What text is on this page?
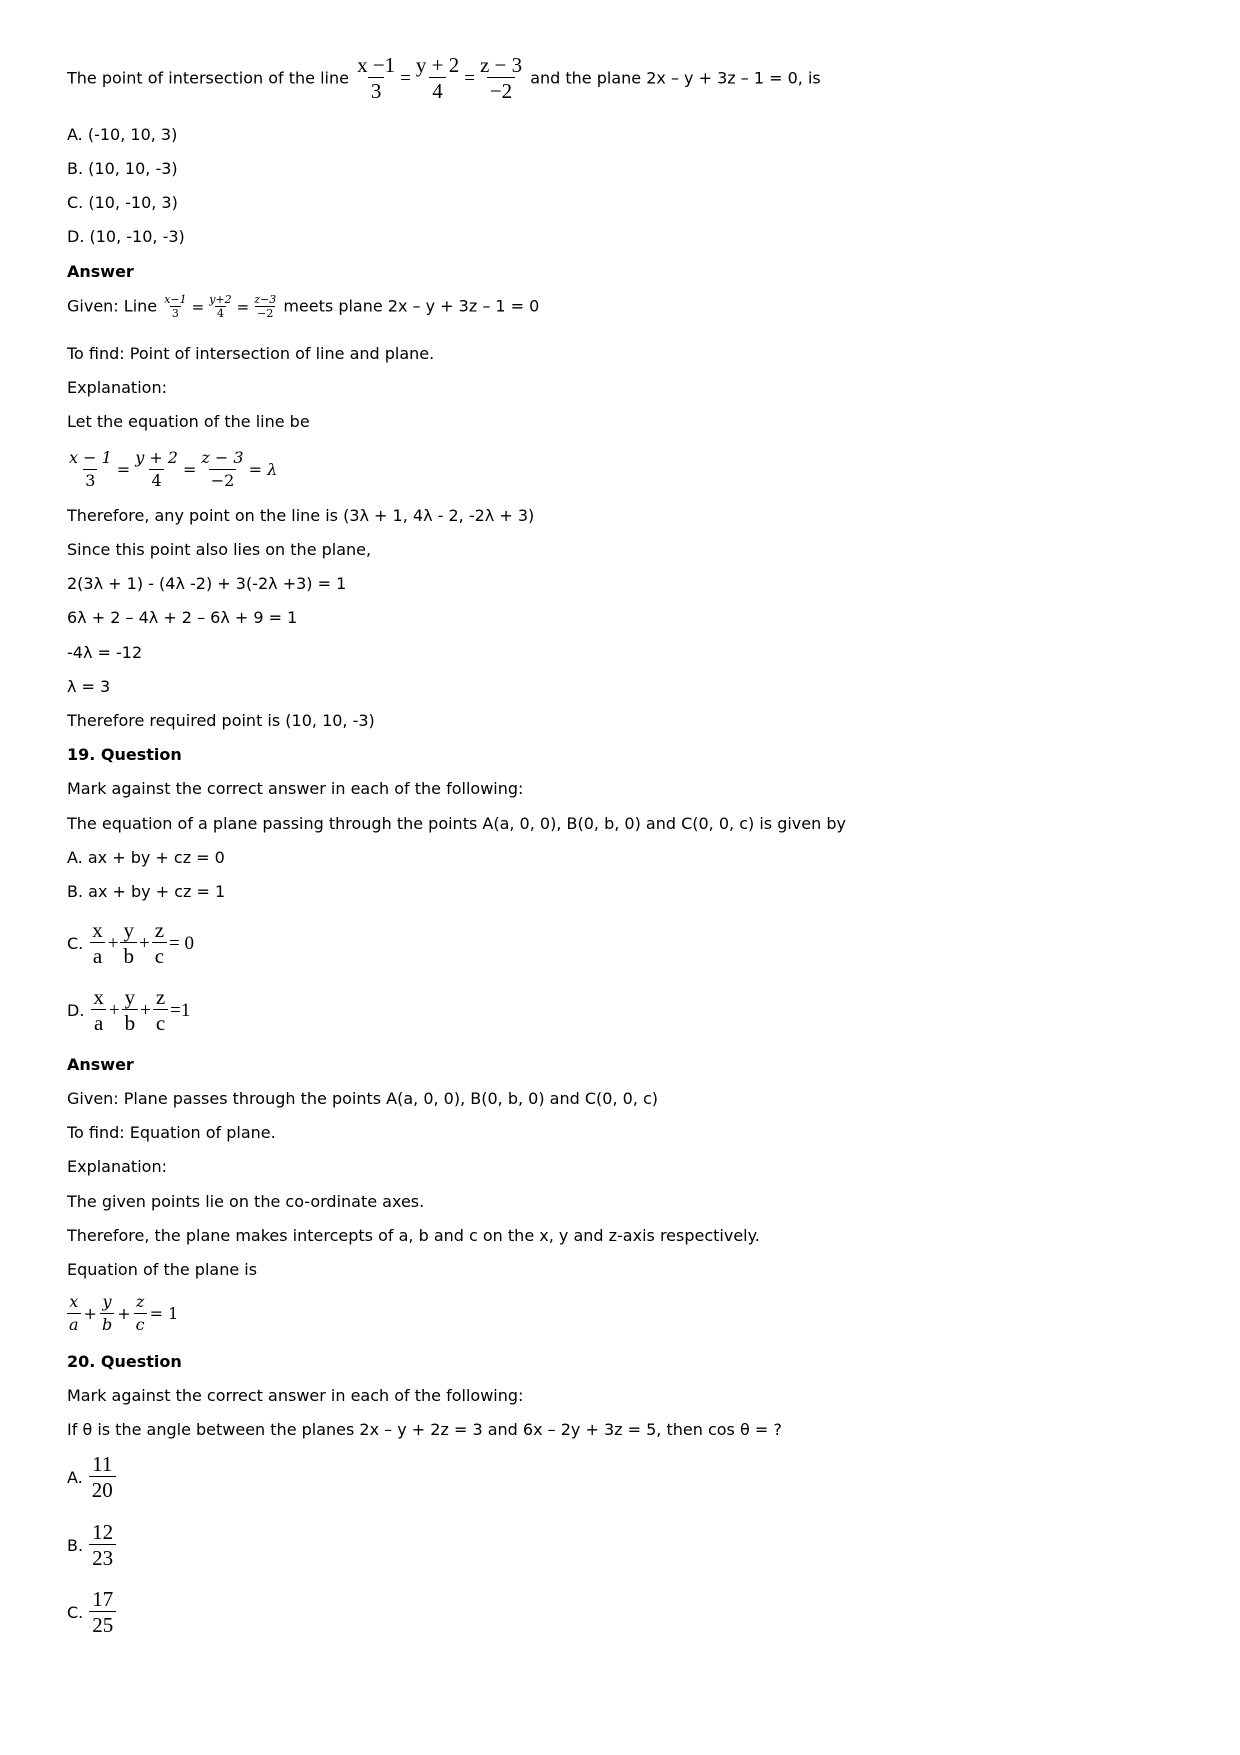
The point of intersection of the line $\frac{x -1}{3} = \frac{y + 2}{4} = \frac{z - 3}{-2}$ and the plane 2x – y + 3z – 1 = 0, is
A. (-10, 10, 3)
B. (10, 10, -3)
C. (10, -10, 3)
D. (10, -10, -3)
Answer
Given: Line $\frac{x-1}{3} = \frac{y+2}{4} = \frac{z-3}{-2}$ meets plane 2x – y + 3z – 1 = 0
To find: Point of intersection of line and plane.
Explanation:
Let the equation of the line be
$\frac{x - 1}{3} = \frac{y + 2}{4} = \frac{z - 3}{-2} = \lambda$
Therefore, any point on the line is (3λ + 1, 4λ - 2, -2λ + 3)
Since this point also lies on the plane,
2(3λ + 1) - (4λ -2) + 3(-2λ +3) = 1
6λ + 2 – 4λ + 2 – 6λ + 9 = 1
-4λ = -12
λ = 3
Therefore required point is (10, 10, -3)
19. Question
Mark against the correct answer in each of the following:
The equation of a plane passing through the points A(a, 0, 0), B(0, b, 0) and C(0, 0, c) is given by
A. ax + by + cz = 0
B. ax + by + cz = 1
C. $\frac{x}{a} + \frac{y}{b} + \frac{z}{c} = 0$
D. $\frac{x}{a} + \frac{y}{b} + \frac{z}{c} =1$
Answer
Given: Plane passes through the points A(a, 0, 0), B(0, b, 0) and C(0, 0, c)
To find: Equation of plane.
Explanation:
The given points lie on the co-ordinate axes.
Therefore, the plane makes intercepts of a, b and c on the x, y and z-axis respectively.
Equation of the plane is
$\frac{x}{a} + \frac{y}{b} + \frac{z}{c} = 1$
20. Question
Mark against the correct answer in each of the following:
If θ is the angle between the planes 2x – y + 2z = 3 and 6x – 2y + 3z = 5, then cos θ = ?
A. $\frac{11}{20}$
B. $\frac{12}{23}$
C. $\frac{17}{25}$
